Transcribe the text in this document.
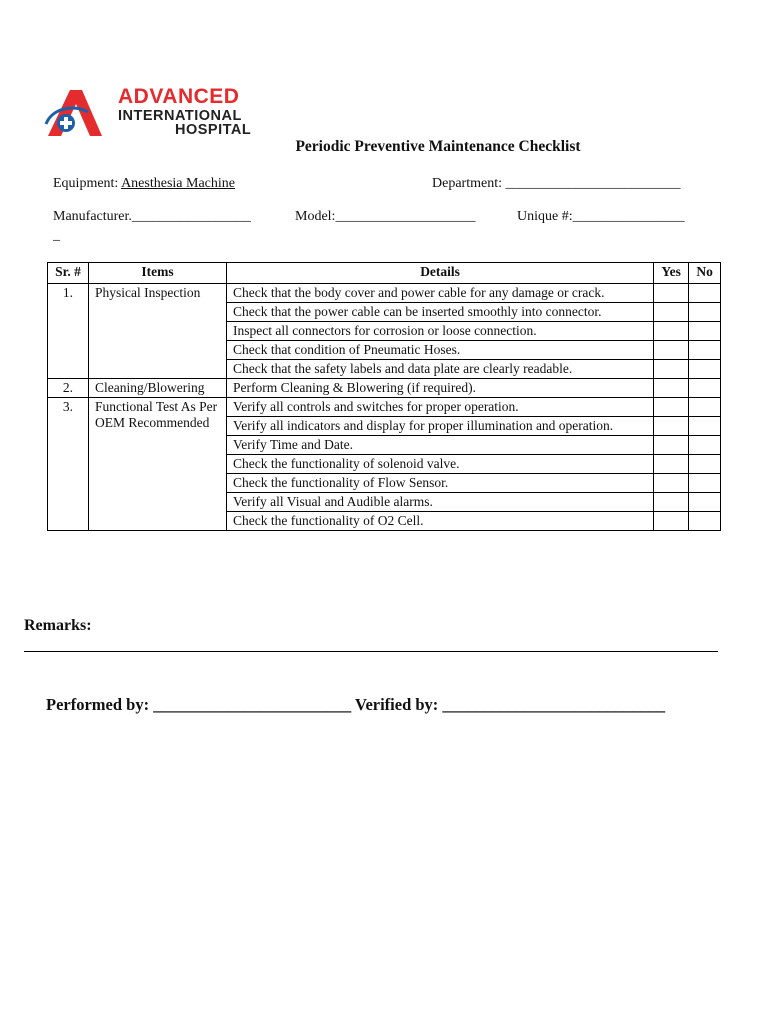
ADVANCED
INTERNATIONAL
HOSPITAL
Periodic Preventive Maintenance Checklist
Equipment: Anesthesia Machine	Department: _________________________
Manufacturer._________________	Model:____________________	Unique #:________________
_
Sr. #	Items	Details	Yes	No
1.	Physical Inspection	Check that the body cover and power cable for any damage or crack.		
		Check that the power cable can be inserted smoothly into connector.		
		Inspect all connectors for corrosion or loose connection.		
		Check that condition of Pneumatic Hoses.		
		Check that the safety labels and data plate are clearly readable.		
2.	Cleaning/Blowering	Perform Cleaning & Blowering (if required).		
3.	Functional Test As Per OEM Recommended	Verify all controls and switches for proper operation.		
		Verify all indicators and display for proper illumination and operation.		
		Verify Time and Date.		
		Check the functionality of solenoid valve.		
		Check the functionality of Flow Sensor.		
		Verify all Visual and Audible alarms.		
		Check the functionality of O2 Cell.		
Remarks:
Performed by: ________________________ Verified by: ___________________________
